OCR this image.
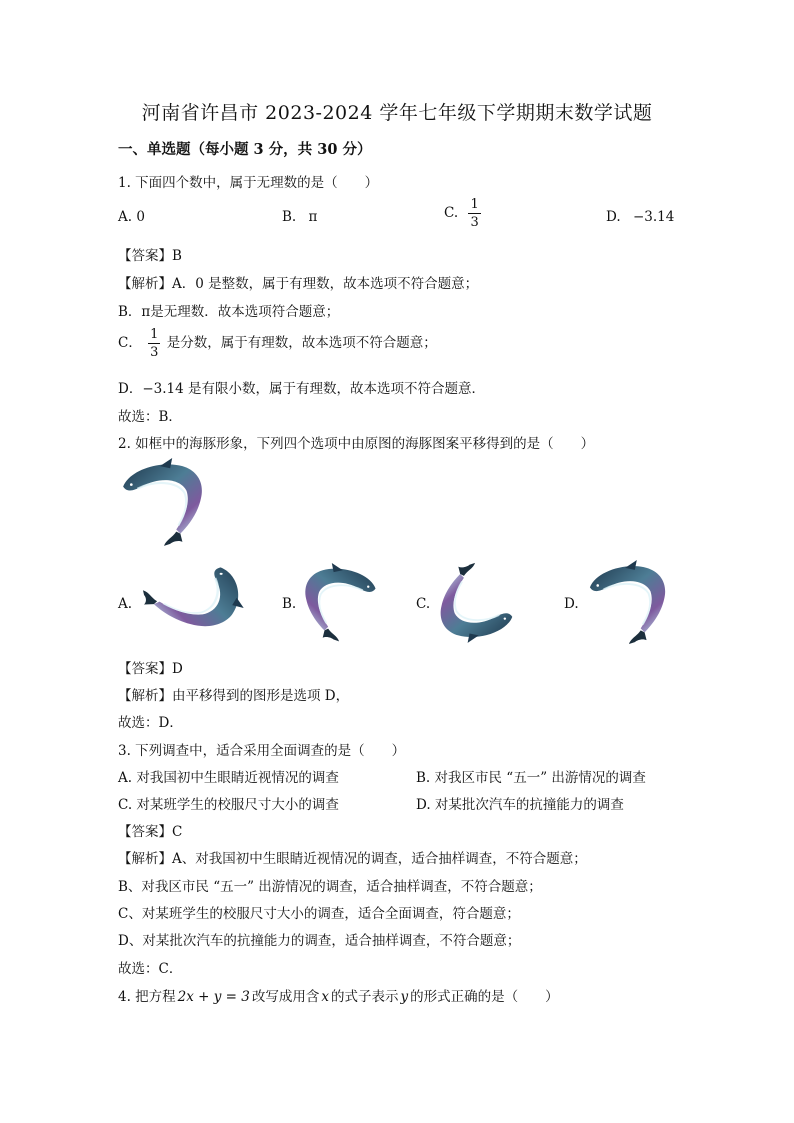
河南省许昌市 2023-2024 学年七年级下学期期末数学试题
一、单选题（每小题 3 分，共 30 分）
1. 下面四个数中，属于无理数的是（　　）
A. 0	B. π	C. $\frac{1}{3}$	D. −3.14
【答案】B
【解析】A．0 是整数，属于有理数，故本选项不符合题意；
B．π是无理数．故本选项符合题意；
C． $\frac{1}{3}$ 是分数，属于有理数，故本选项不符合题意；
D．−3.14 是有限小数，属于有理数，故本选项不符合题意．
故选：B．
2. 如框中的海豚形象，下列四个选项中由原图的海豚图案平移得到的是（　　）
A.	B.	C.	D.
【答案】D
【解析】由平移得到的图形是选项 D，
故选：D．
3. 下列调查中，适合采用全面调查的是（　　）
A. 对我国初中生眼睛近视情况的调查	B. 对我区市民 “五一” 出游情况的调查
C. 对某班学生的校服尺寸大小的调查	D. 对某批次汽车的抗撞能力的调查
【答案】C
【解析】A、对我国初中生眼睛近视情况的调查，适合抽样调查，不符合题意；
B、对我区市民 “五一” 出游情况的调查，适合抽样调查，不符合题意；
C、对某班学生的校服尺寸大小的调查，适合全面调查，符合题意；
D、对某批次汽车的抗撞能力的调查，适合抽样调查，不符合题意；
故选：C．
4. 把方程 2x + y = 3 改写成用含 x 的式子表示 y 的形式正确的是（　　）
